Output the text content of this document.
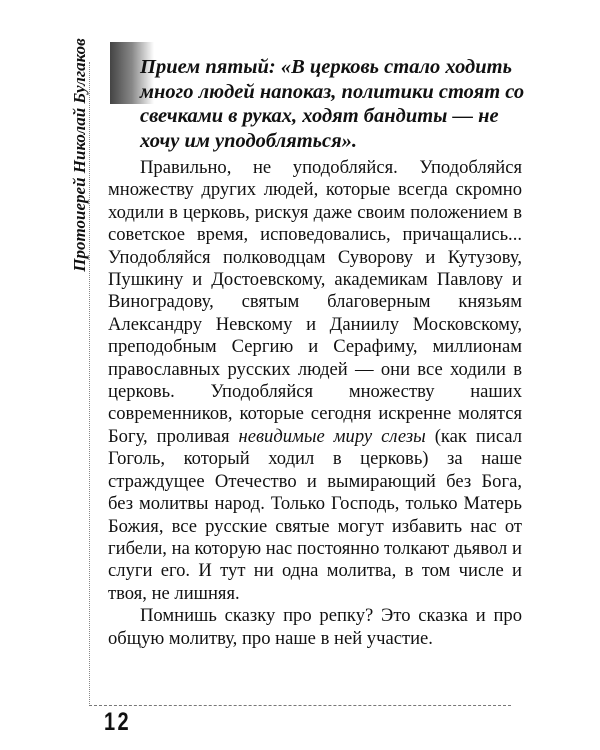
Протоиерей Николай Булгаков Прием пятый: «В церковь стало ходить много людей напоказ, политики стоят со свечками в руках, ходят бандиты — не хочу им уподобляться».

Правильно, не уподобляйся. Уподобляйся множеству других людей, которые всегда скромно ходили в церковь, рискуя даже своим положением в советское время, исповедовались, причащались... Уподобляйся полководцам Суворову и Кутузову, Пушкину и Достоевскому, академикам Павлову и Виноградову, святым благоверным князьям Александру Невскому и Даниилу Московскому, преподобным Сергию и Серафиму, миллионам православных русских людей — они все ходили в церковь. Уподобляйся множеству наших современников, которые сегодня искренне молятся Богу, проливая невидимые миру слезы (как писал Гоголь, который ходил в церковь) за наше страждущее Отечество и вымирающий без Бога, без молитвы народ. Только Господь, только Матерь Божия, все русские святые могут избавить нас от гибели, на которую нас постоянно толкают дьявол и слуги его. И тут ни одна молитва, в том числе и твоя, не лишняя.

Помнишь сказку про репку? Это сказка и про общую молитву, про наше в ней участие.

12
